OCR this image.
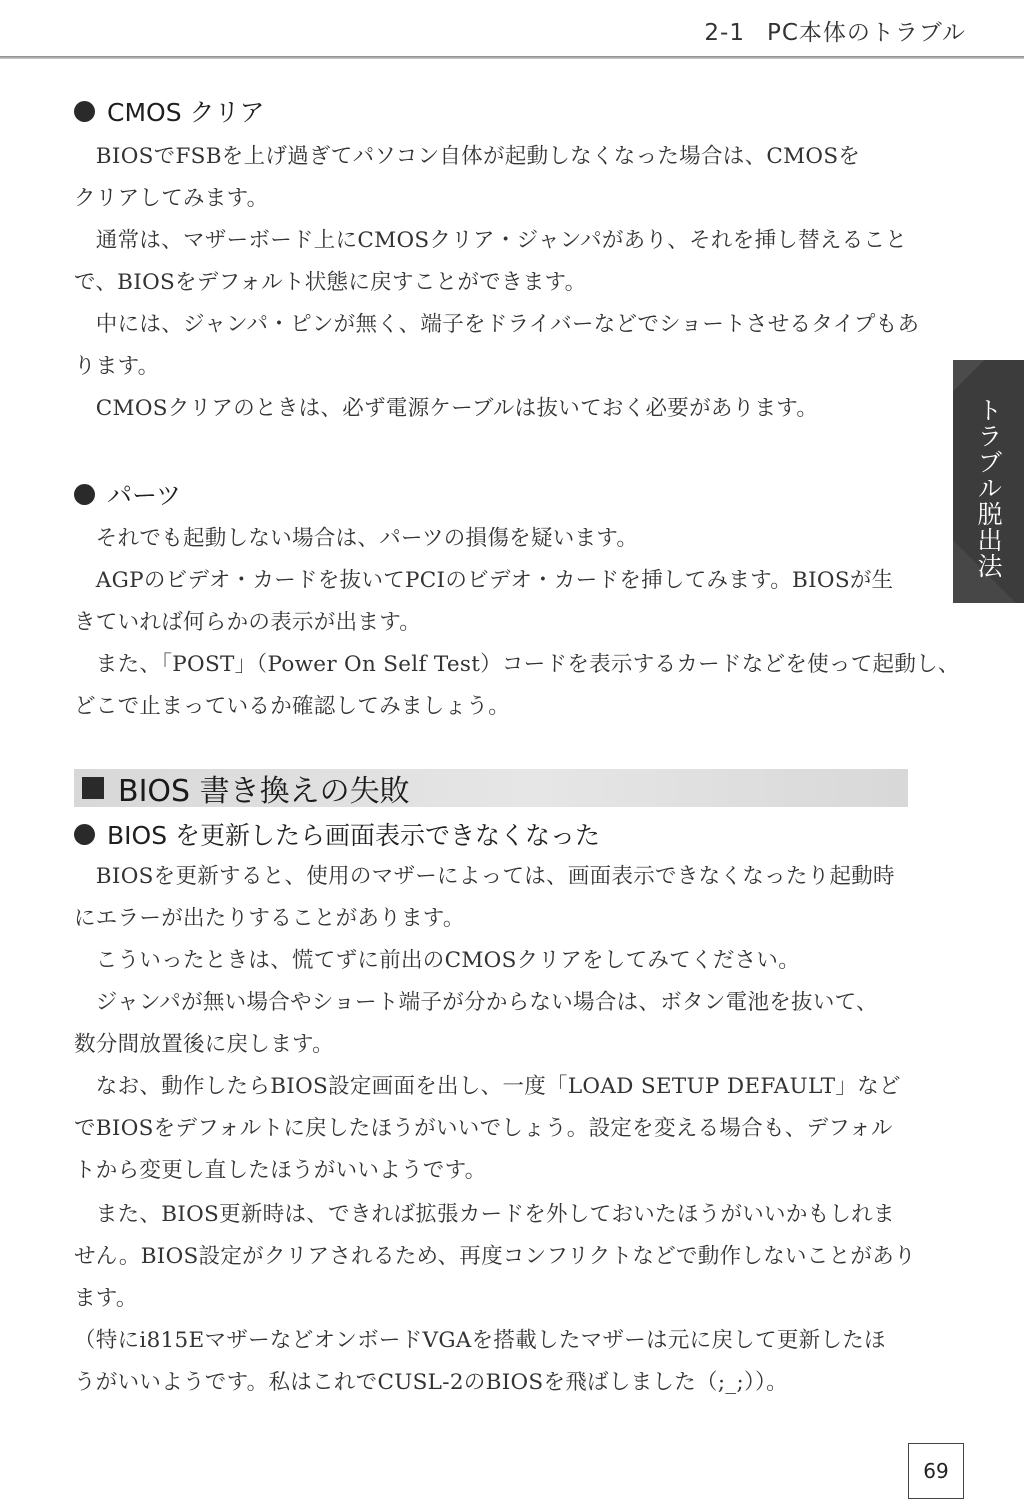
2-1 PC本体のトラブル
トラブル脱出法
CMOS クリア

　BIOSでFSBを上げ過ぎてパソコン自体が起動しなくなった場合は、CMOSを
クリアしてみます。

　通常は、マザーボード上にCMOSクリア・ジャンパがあり、それを挿し替えること
で、BIOSをデフォルト状態に戻すことができます。

　中には、ジャンパ・ピンが無く、端子をドライバーなどでショートさせるタイプもあ
ります。

　CMOSクリアのときは、必ず電源ケーブルは抜いておく必要があります。

パーツ

　それでも起動しない場合は、パーツの損傷を疑います。

　AGPのビデオ・カードを抜いてPCIのビデオ・カードを挿してみます。BIOSが生
きていれば何らかの表示が出ます。

　また、「POST」（Power On Self Test）コードを表示するカードなどを使って起動し、
どこで止まっているか確認してみましょう。

BIOS 書き換えの失敗
BIOS を更新したら画面表示できなくなった

　BIOSを更新すると、使用のマザーによっては、画面表示できなくなったり起動時
にエラーが出たりすることがあります。

　こういったときは、慌てずに前出のCMOSクリアをしてみてください。

　ジャンパが無い場合やショート端子が分からない場合は、ボタン電池を抜いて、
数分間放置後に戻します。

　なお、動作したらBIOS設定画面を出し、一度「LOAD SETUP DEFAULT」など
でBIOSをデフォルトに戻したほうがいいでしょう。設定を変える場合も、デフォル
トから変更し直したほうがいいようです。

　また、BIOS更新時は、できれば拡張カードを外しておいたほうがいいかもしれま
せん。BIOS設定がクリアされるため、再度コンフリクトなどで動作しないことがあり
ます。

（特にi815EマザーなどオンボードVGAを搭載したマザーは元に戻して更新したほ
うがいいようです。私はこれでCUSL-2のBIOSを飛ばしました（;_;））。

69
